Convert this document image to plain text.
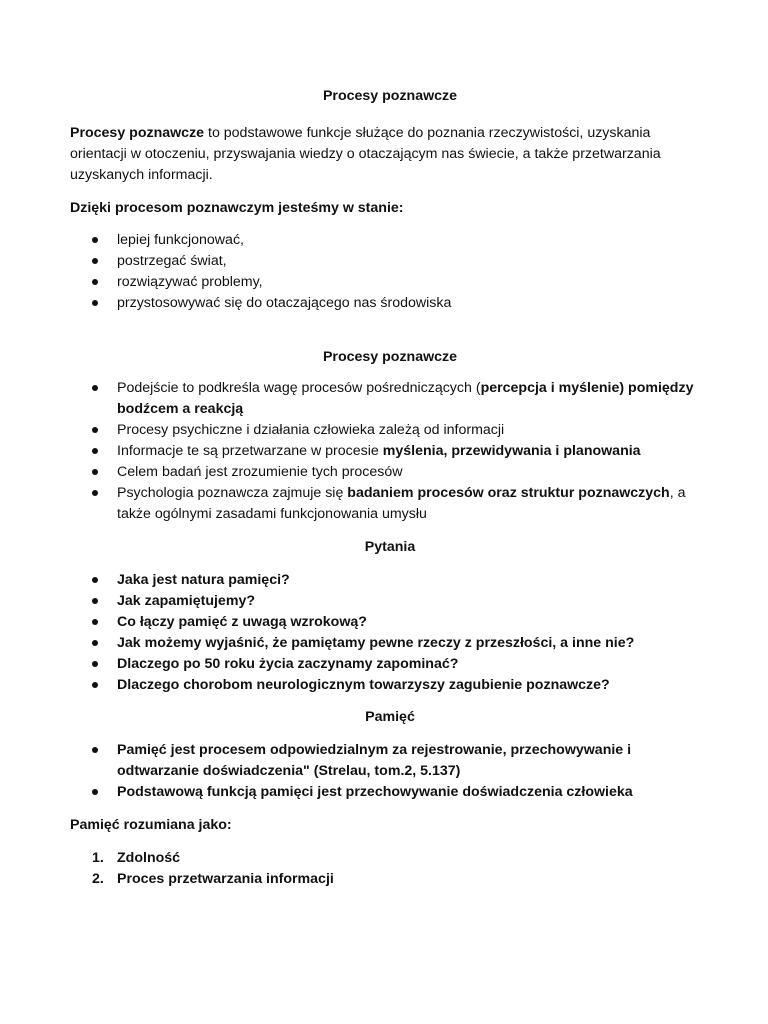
Procesy poznawcze

Procesy poznawcze to podstawowe funkcje służące do poznania rzeczywistości, uzyskania orientacji w otoczeniu, przyswajania wiedzy o otaczającym nas świecie, a także przetwarzania uzyskanych informacji.

Dzięki procesom poznawczym jesteśmy w stanie:

lepiej funkcjonować,
postrzegać świat,
rozwiązywać problemy,
przystosowywać się do otaczającego nas środowiska
Procesy poznawcze
Podejście to podkreśla wagę procesów pośredniczących (percepcja i myślenie) pomiędzy bodźcem a reakcją
Procesy psychiczne i działania człowieka zależą od informacji
Informacje te są przetwarzane w procesie myślenia, przewidywania i planowania
Celem badań jest zrozumienie tych procesów
Psychologia poznawcza zajmuje się badaniem procesów oraz struktur poznawczych, a także ogólnymi zasadami funkcjonowania umysłu
Pytania
Jaka jest natura pamięci?
Jak zapamiętujemy?
Co łączy pamięć z uwagą wzrokową?
Jak możemy wyjaśnić, że pamiętamy pewne rzeczy z przeszłości, a inne nie?
Dlaczego po 50 roku życia zaczynamy zapominać?
Dlaczego chorobom neurologicznym towarzyszy zagubienie poznawcze?
Pamięć
Pamięć jest procesem odpowiedzialnym za rejestrowanie, przechowywanie i odtwarzanie doświadczenia" (Strelau, tom.2, 5.137)
Podstawową funkcją pamięci jest przechowywanie doświadczenia człowieka

Pamięć rozumiana jako:

1. Zdolność
2. Proces przetwarzania informacji
